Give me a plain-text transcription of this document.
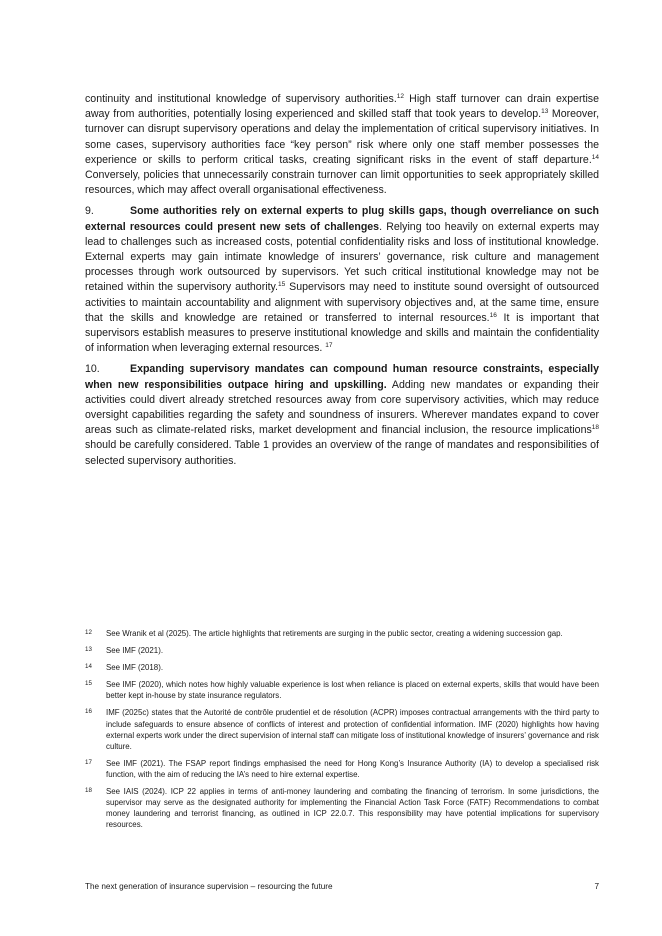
continuity and institutional knowledge of supervisory authorities.$^{12}$ High staff turnover can drain expertise away from authorities, potentially losing experienced and skilled staff that took years to develop.$^{13}$ Moreover, turnover can disrupt supervisory operations and delay the implementation of critical supervisory initiatives. In some cases, supervisory authorities face “key person” risk where only one staff member possesses the experience or skills to perform critical tasks, creating significant risks in the event of staff departure.$^{14}$ Conversely, policies that unnecessarily constrain turnover can limit opportunities to seek appropriately skilled resources, which may affect overall organisational effectiveness.

9.	Some authorities rely on external experts to plug skills gaps, though overreliance on such external resources could present new sets of challenges. Relying too heavily on external experts may lead to challenges such as increased costs, potential confidentiality risks and loss of institutional knowledge. External experts may gain intimate knowledge of insurers’ governance, risk culture and management processes through work outsourced by supervisors. Yet such critical institutional knowledge may not be retained within the supervisory authority.$^{15}$ Supervisors may need to institute sound oversight of outsourced activities to maintain accountability and alignment with supervisory objectives and, at the same time, ensure that the skills and knowledge are retained or transferred to internal resources.$^{16}$ It is important that supervisors establish measures to preserve institutional knowledge and skills and maintain the confidentiality of information when leveraging external resources. $^{17}$

10.	Expanding supervisory mandates can compound human resource constraints, especially when new responsibilities outpace hiring and upskilling. Adding new mandates or expanding their activities could divert already stretched resources away from core supervisory activities, which may reduce oversight capabilities regarding the safety and soundness of insurers. Wherever mandates expand to cover areas such as climate-related risks, market development and financial inclusion, the resource implications$^{18}$ should be carefully considered. Table 1 provides an overview of the range of mandates and responsibilities of selected supervisory authorities.

12	See Wranik et al (2025). The article highlights that retirements are surging in the public sector, creating a widening succession gap.
13	See IMF (2021).
14	See IMF (2018).
15	See IMF (2020), which notes how highly valuable experience is lost when reliance is placed on external experts, skills that would have been better kept in-house by state insurance regulators.
16	IMF (2025c) states that the Autorité de contrôle prudentiel et de résolution (ACPR) imposes contractual arrangements with the third party to include safeguards to ensure absence of conflicts of interest and protection of confidential information. IMF (2020) highlights how having external experts work under the direct supervision of internal staff can mitigate loss of institutional knowledge of insurers’ governance and risk culture.
17	See IMF (2021). The FSAP report findings emphasised the need for Hong Kong’s Insurance Authority (IA) to develop a specialised risk function, with the aim of reducing the IA’s need to hire external expertise.
18	See IAIS (2024). ICP 22 applies in terms of anti-money laundering and combating the financing of terrorism. In some jurisdictions, the supervisor may serve as the designated authority for implementing the Financial Action Task Force (FATF) Recommendations to combat money laundering and terrorist financing, as outlined in ICP 22.0.7. This responsibility may have potential implications for supervisory resources.
The next generation of insurance supervision – resourcing the future	7
